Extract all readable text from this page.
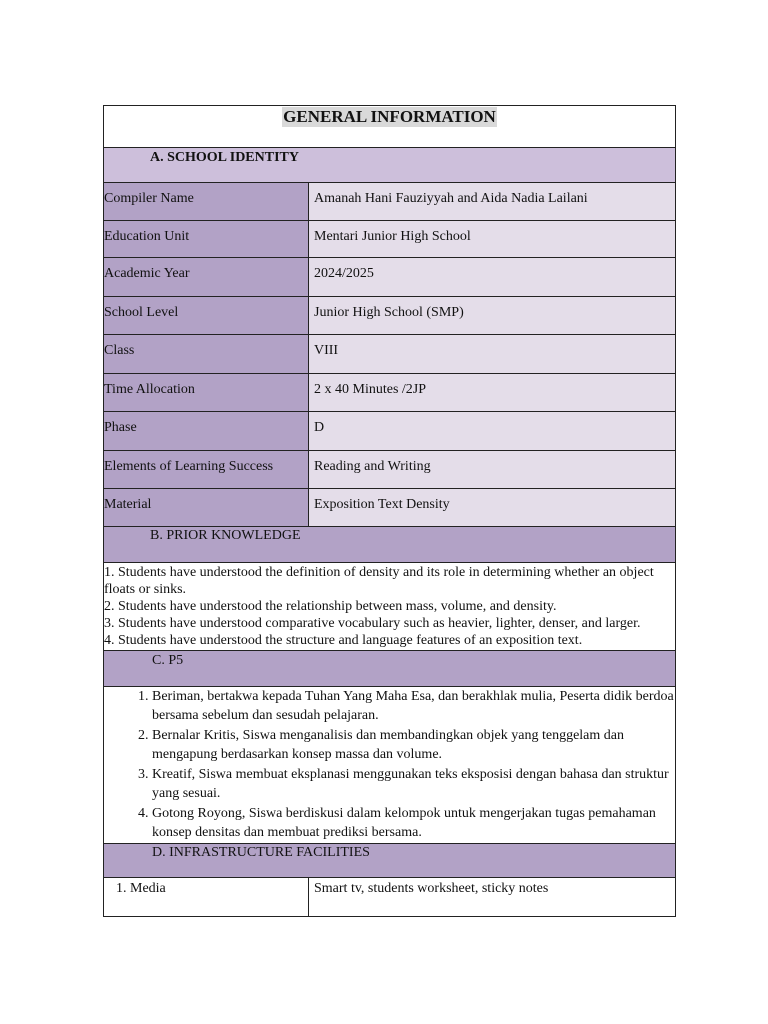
GENERAL INFORMATION
A. SCHOOL IDENTITY
Compiler Name	Amanah Hani Fauziyyah and Aida Nadia Lailani
Education Unit	Mentari Junior High School
Academic Year	2024/2025
School Level	Junior High School (SMP)
Class	VIII
Time Allocation	2 x 40 Minutes /2JP
Phase	D
Elements of Learning Success	Reading and Writing
Material	Exposition Text Density
B. PRIOR KNOWLEDGE
1. Students have understood the definition of density and its role in determining whether an object floats or sinks.
2. Students have understood the relationship between mass, volume, and density.
3. Students have understood comparative vocabulary such as heavier, lighter, denser, and larger.
4. Students have understood the structure and language features of an exposition text.
C. P5
1. Beriman, bertakwa kepada Tuhan Yang Maha Esa, dan berakhlak mulia, Peserta didik berdoa bersama sebelum dan sesudah pelajaran.
2. Bernalar Kritis, Siswa menganalisis dan membandingkan objek yang tenggelam dan mengapung berdasarkan konsep massa dan volume.
3. Kreatif, Siswa membuat eksplanasi menggunakan teks eksposisi dengan bahasa dan struktur yang sesuai.
4. Gotong Royong, Siswa berdiskusi dalam kelompok untuk mengerjakan tugas pemahaman konsep densitas dan membuat prediksi bersama.
D. INFRASTRUCTURE FACILITIES
1. Media	Smart tv, students worksheet, sticky notes
